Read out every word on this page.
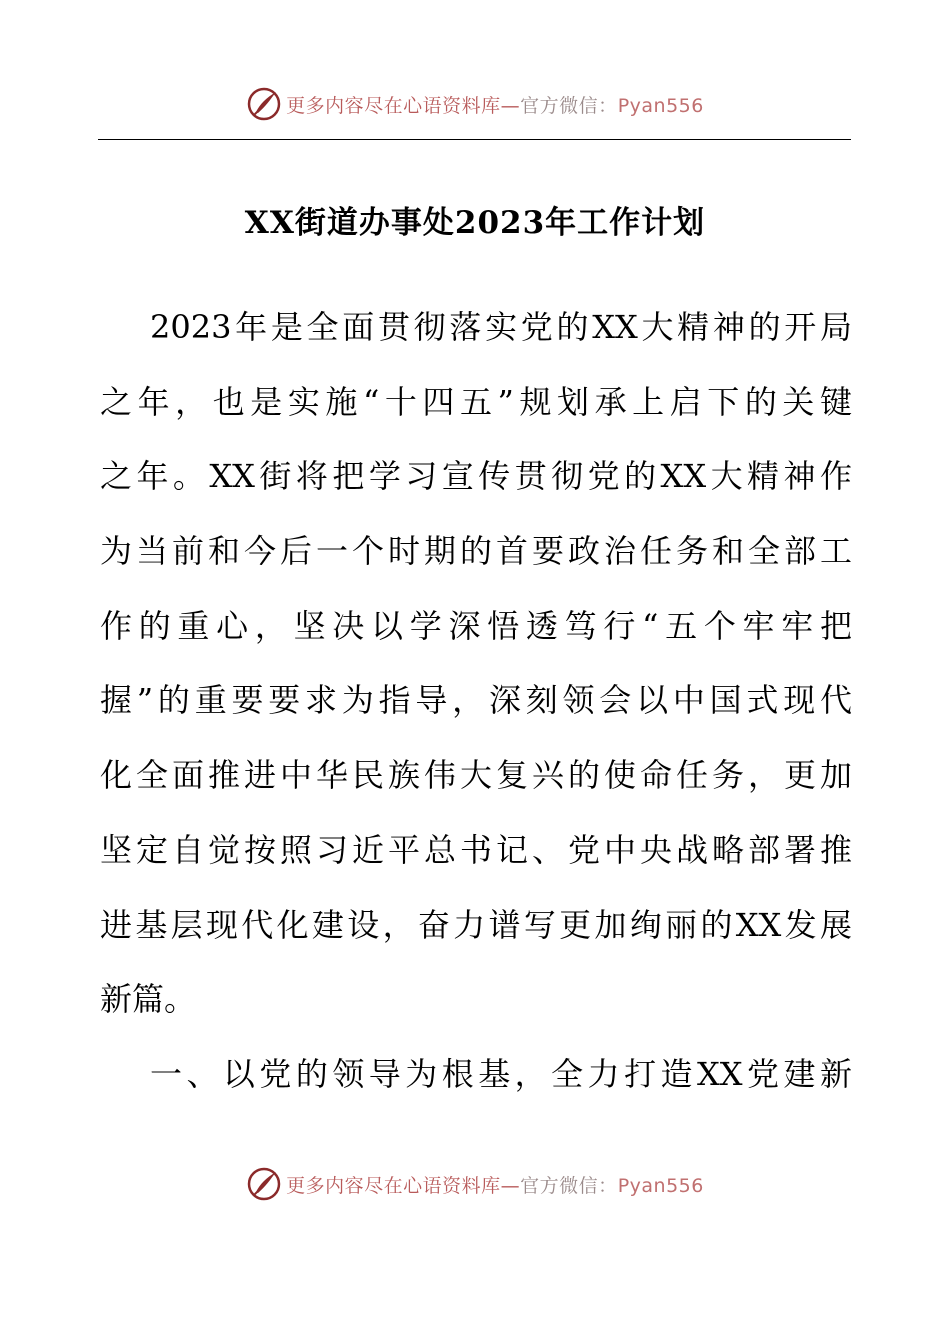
更多内容尽在心语资料库—官方微信：Pyan556
XX街道办事处2023年工作计划
2023年是全面贯彻落实党的XX大精神的开局
之年，也是实施“十四五”规划承上启下的关键
之年。XX街将把学习宣传贯彻党的XX大精神作
为当前和今后一个时期的首要政治任务和全部工
作的重心，坚决以学深悟透笃行“五个牢牢把
握”的重要要求为指导，深刻领会以中国式现代
化全面推进中华民族伟大复兴的使命任务，更加
坚定自觉按照习近平总书记、党中央战略部署推
进基层现代化建设，奋力谱写更加绚丽的XX发展
新篇。
一、以党的领导为根基，全力打造XX党建新
更多内容尽在心语资料库—官方微信：Pyan556
